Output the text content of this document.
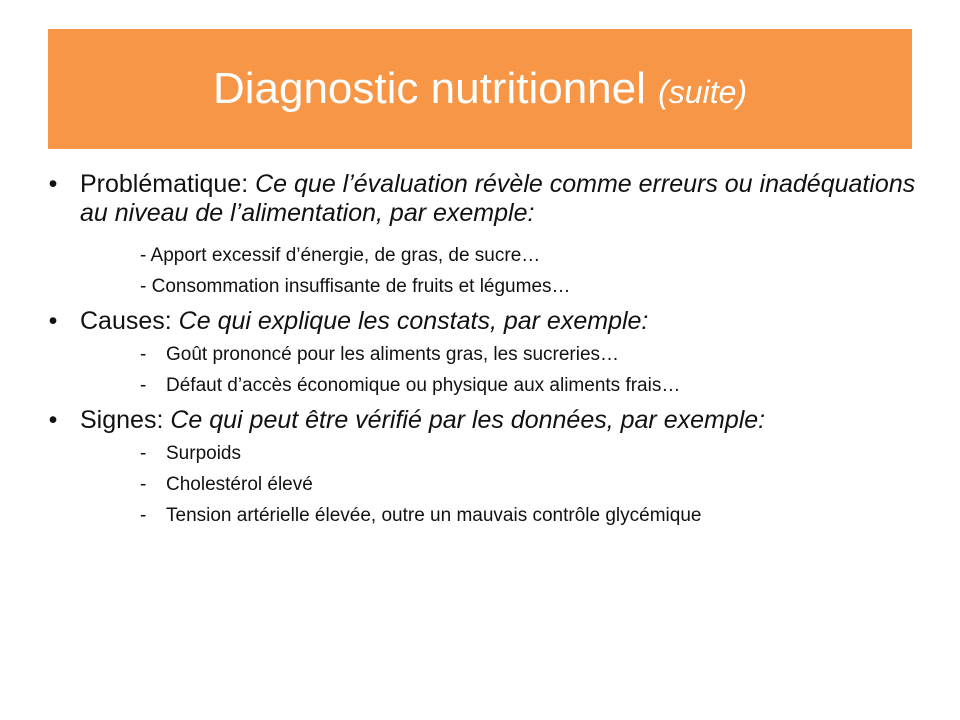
Diagnostic nutritionnel (suite)
• Problématique: Ce que l’évaluation révèle comme erreurs ou inadéquations au niveau de l’alimentation, par exemple:
- Apport excessif d’énergie, de gras, de sucre…
- Consommation insuffisante de fruits et légumes…
• Causes: Ce qui explique les constats, par exemple:
- Goût prononcé pour les aliments gras, les sucreries…
- Défaut d’accès économique ou physique aux aliments frais…
• Signes: Ce qui peut être vérifié par les données, par exemple:
- Surpoids
- Cholestérol élevé
- Tension artérielle élevée, outre un mauvais contrôle glycémique
